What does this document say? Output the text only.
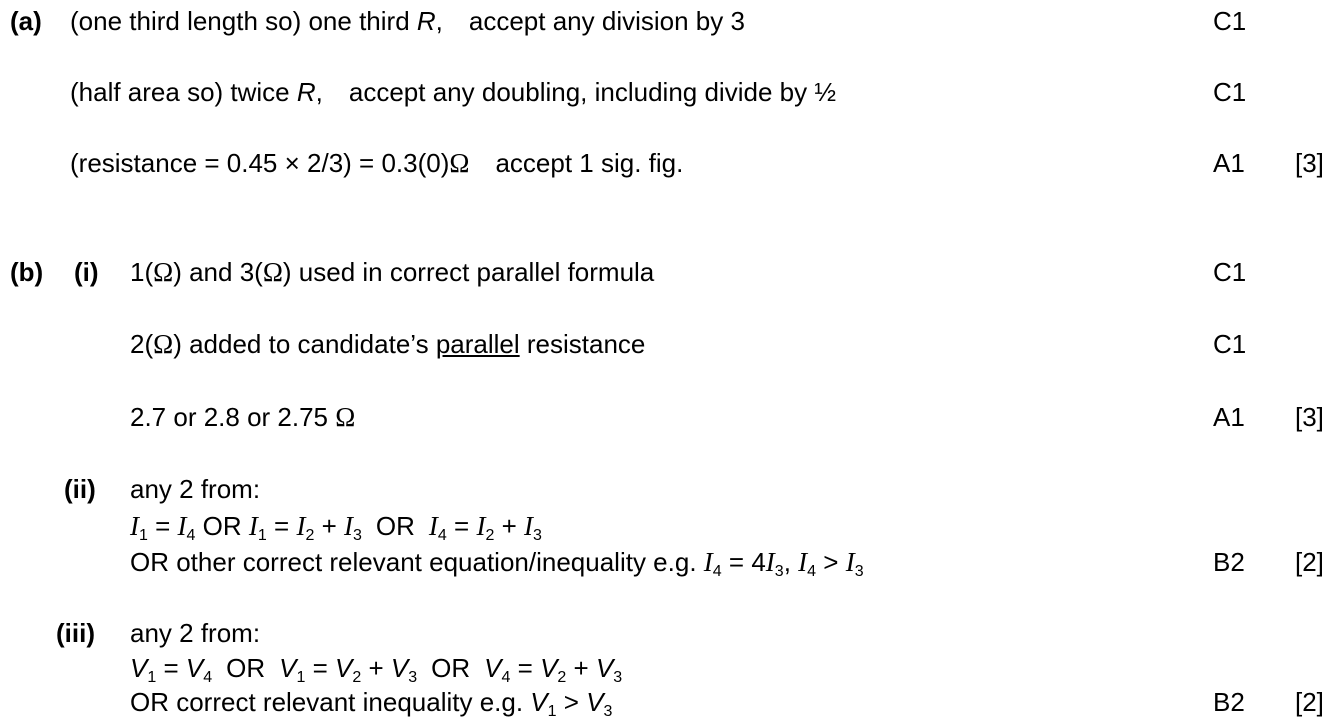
(a) (one third length so) one third R, accept any division by 3	C1
(half area so) twice R, accept any doubling, including divide by ½	C1
(resistance = 0.45 × 2/3) = 0.3(0)Ω accept 1 sig. fig.	A1 [3]
(b) (i) 1(Ω) and 3(Ω) used in correct parallel formula	C1
2(Ω) added to candidate’s parallel resistance	C1
2.7 or 2.8 or 2.75 Ω	A1 [3]
(ii) any 2 from:
$I_1 = I_4$ OR $I_1 = I_2 + I_3$ OR $I_4 = I_2 + I_3$
OR other correct relevant equation/inequality e.g. $I_4 = 4I_3$, $I_4 > I_3$	B2 [2]
(iii) any 2 from:
$V_1 = V_4$ OR $V_1 = V_2 + V_3$ OR $V_4 = V_2 + V_3$
OR correct relevant inequality e.g. $V_1 > V_3$	B2 [2]
